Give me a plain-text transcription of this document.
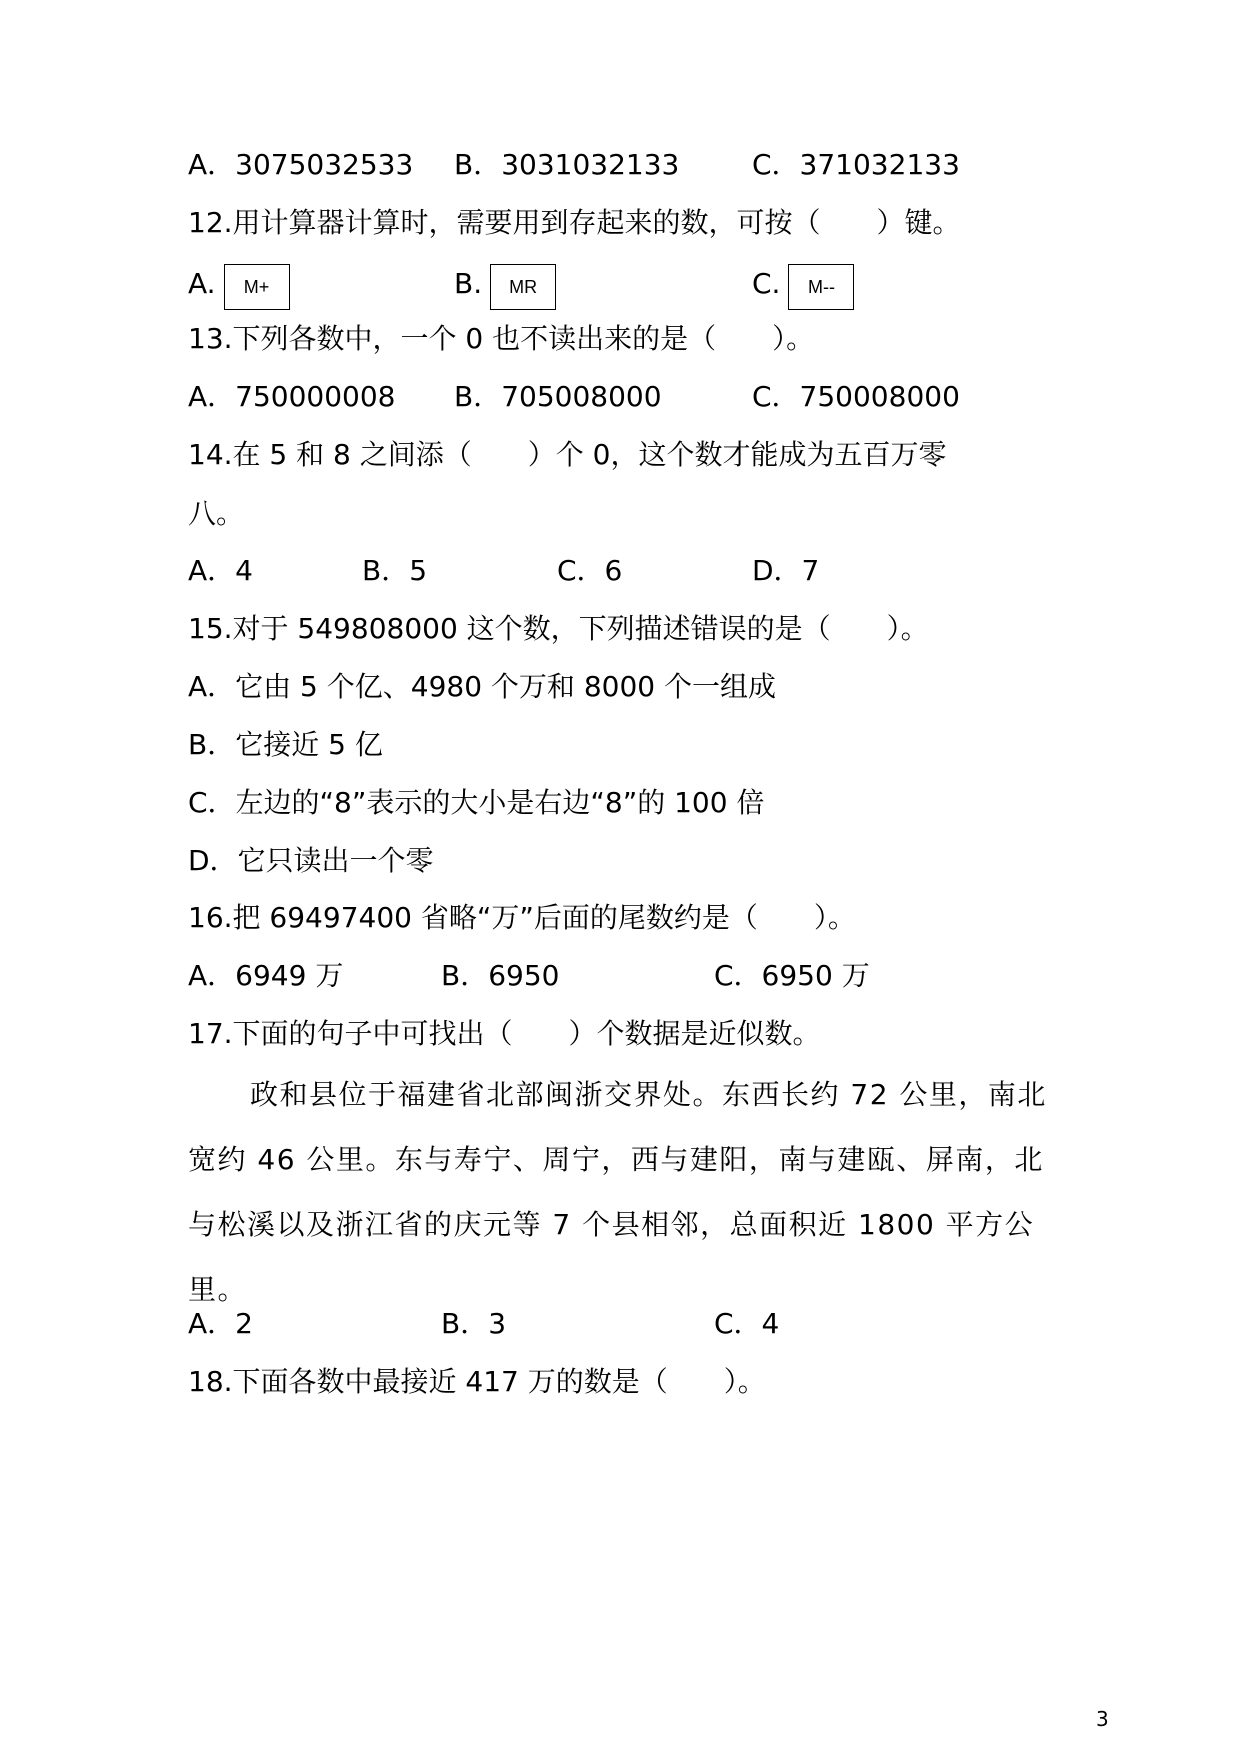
A．3075032533 B．3031032133	C．371032133
12.用计算器计算时，需要用到存起来的数，可按（　　）键。
A. M+	B. MR	C. M--
13.下列各数中，一个 0 也不读出来的是（　　）。
A．750000008 B．705008000	C．750008000
14.在 5 和 8 之间添（　　）个 0，这个数才能成为五百万零
八。
A．4	B．5	C．6	D．7
15.对于 549808000 这个数，下列描述错误的是（　　）。
A．它由 5 个亿、4980 个万和 8000 个一组成
B．它接近 5 亿
C．左边的“8”表示的大小是右边“8”的 100 倍
D．它只读出一个零
16.把 69497400 省略“万”后面的尾数约是（　　）。
A．6949 万	B．6950	C．6950 万
17.下面的句子中可找出（　　）个数据是近似数。
政和县位于福建省北部闽浙交界处。东西长约 72 公里，南北宽约 46 公里。东与寿宁、周宁，西与建阳，南与建瓯、屏南，北与松溪以及浙江省的庆元等 7 个县相邻，总面积近 1800 平方公里。
A．2	B．3	C．4
18.下面各数中最接近 417 万的数是（　　）。
3
